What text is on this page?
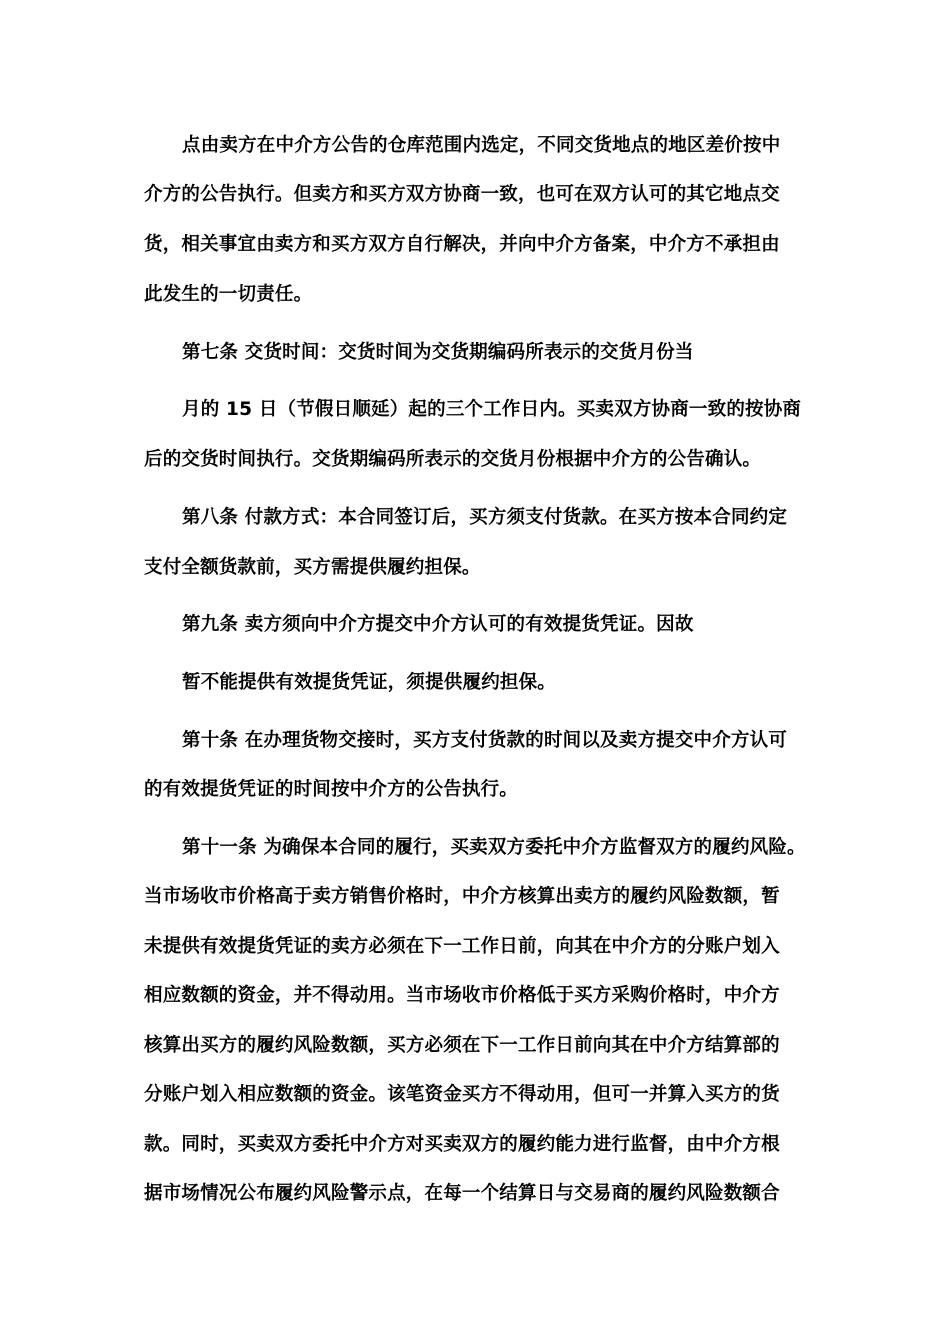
点由卖方在中介方公告的仓库范围内选定，不同交货地点的地区差价按中
介方的公告执行。但卖方和买方双方协商一致，也可在双方认可的其它地点交
货，相关事宜由卖方和买方双方自行解决，并向中介方备案，中介方不承担由
此发生的一切责任。
第七条 交货时间：交货时间为交货期编码所表示的交货月份当
月的 15 日（节假日顺延）起的三个工作日内。买卖双方协商一致的按协商
后的交货时间执行。交货期编码所表示的交货月份根据中介方的公告确认。
第八条 付款方式：本合同签订后，买方须支付货款。在买方按本合同约定
支付全额货款前，买方需提供履约担保。
第九条 卖方须向中介方提交中介方认可的有效提货凭证。因故
暂不能提供有效提货凭证，须提供履约担保。
第十条 在办理货物交接时，买方支付货款的时间以及卖方提交中介方认可
的有效提货凭证的时间按中介方的公告执行。
第十一条 为确保本合同的履行，买卖双方委托中介方监督双方的履约风险。
当市场收市价格高于卖方销售价格时，中介方核算出卖方的履约风险数额，暂
未提供有效提货凭证的卖方必须在下一工作日前，向其在中介方的分账户划入
相应数额的资金，并不得动用。当市场收市价格低于买方采购价格时，中介方
核算出买方的履约风险数额，买方必须在下一工作日前向其在中介方结算部的
分账户划入相应数额的资金。该笔资金买方不得动用，但可一并算入买方的货
款。同时，买卖双方委托中介方对买卖双方的履约能力进行监督，由中介方根
据市场情况公布履约风险警示点，在每一个结算日与交易商的履约风险数额合
